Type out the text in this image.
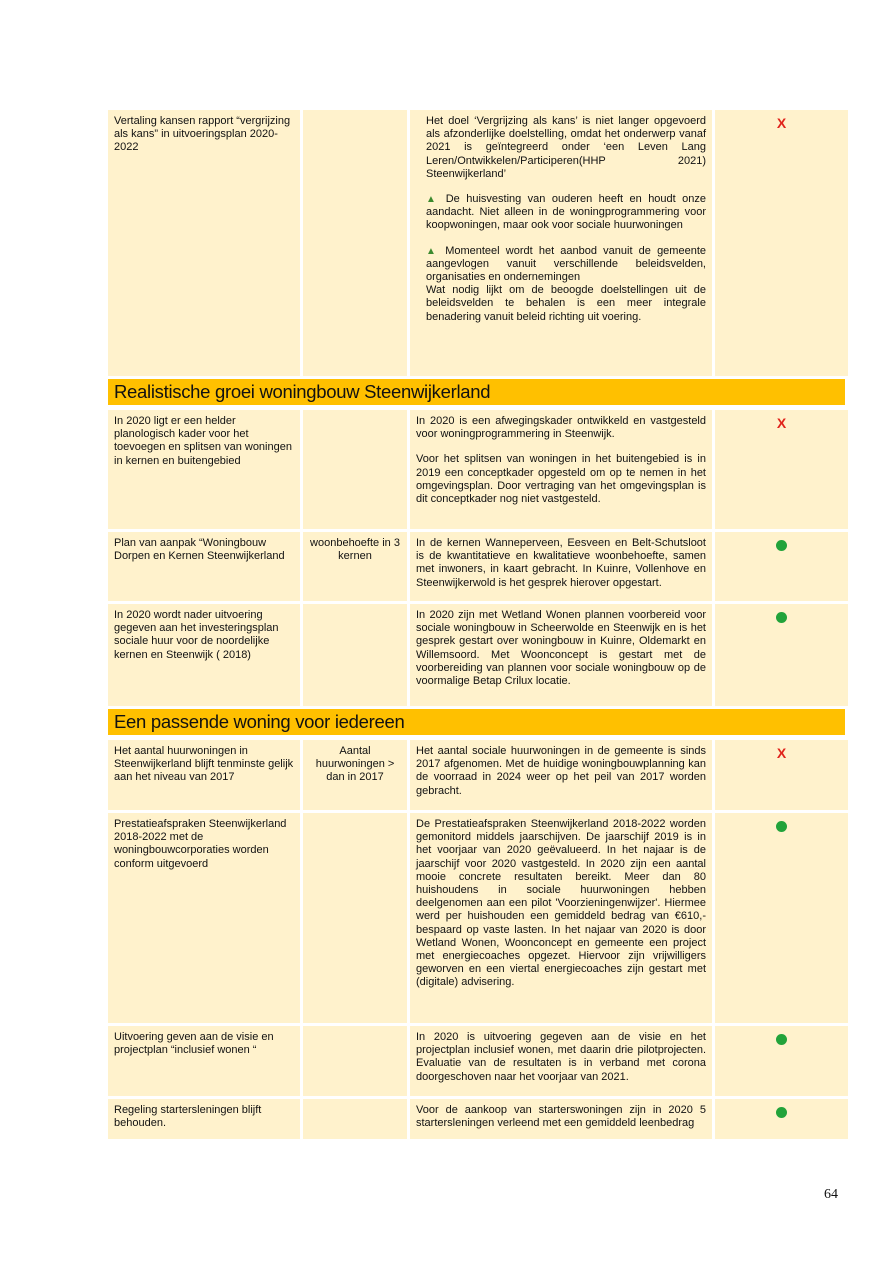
Vertaling kansen rapport “vergrijzing als kans” in uitvoeringsplan 2020-2022

Het doel ‘Vergrijzing als kans’ is niet langer opgevoerd als afzonderlijke doelstelling, omdat het onderwerp vanaf 2021 is geïntegreerd onder ‘een Leven Lang Leren/Ontwikkelen/Participeren(HHP 2021) Steenwijkerland’

▲ De huisvesting van ouderen heeft en houdt onze aandacht. Niet alleen in de woningprogrammering voor koopwoningen, maar ook voor sociale huurwoningen

▲ Momenteel wordt het aanbod vanuit de gemeente aangevlogen vanuit verschillende beleidsvelden, organisaties en ondernemingen

Wat nodig lijkt om de beoogde doelstellingen uit de beleidsvelden te behalen is een meer integrale benadering vanuit beleid richting uit voering.

X
Realistische groei woningbouw Steenwijkerland
In 2020 ligt er een helder planologisch kader voor het toevoegen en splitsen van woningen in kernen en buitengebied

In 2020 is een afwegingskader ontwikkeld en vastgesteld voor woningprogrammering in Steenwijk.

Voor het splitsen van woningen in het buitengebied is in 2019 een conceptkader opgesteld om op te nemen in het omgevingsplan. Door vertraging van het omgevingsplan is dit conceptkader nog niet vastgesteld.

X
Plan van aanpak “Woningbouw Dorpen en Kernen Steenwijkerland
woonbehoefte in 3 kernen
In de kernen Wanneperveen, Eesveen en Belt-Schutsloot is de kwantitatieve en kwalitatieve woonbehoefte, samen met inwoners, in kaart gebracht. In Kuinre, Vollenhove en Steenwijkerwold is het gesprek hierover opgestart.
In 2020 wordt nader uitvoering gegeven aan het investeringsplan sociale huur voor de noordelijke kernen en Steenwijk ( 2018)
In 2020 zijn met Wetland Wonen plannen voorbereid voor sociale woningbouw in Scheerwolde en Steenwijk en is het gesprek gestart over woningbouw in Kuinre, Oldemarkt en Willemsoord. Met Woonconcept is gestart met de voorbereiding van plannen voor sociale woningbouw op de voormalige Betap Crilux locatie.
Een passende woning voor iedereen
Het aantal huurwoningen in Steenwijkerland blijft tenminste gelijk aan het niveau van 2017
Aantal huurwoningen > dan in 2017
Het aantal sociale huurwoningen in de gemeente is sinds 2017 afgenomen. Met de huidige woningbouwplanning kan de voorraad in 2024 weer op het peil van 2017 worden gebracht.
X
Prestatieafspraken Steenwijkerland 2018-2022 met de woningbouwcorporaties worden conform uitgevoerd
De Prestatieafspraken Steenwijkerland 2018-2022 worden gemonitord middels jaarschijven. De jaarschijf 2019 is in het voorjaar van 2020 geëvalueerd. In het najaar is de jaarschijf voor 2020 vastgesteld. In 2020 zijn een aantal mooie concrete resultaten bereikt. Meer dan 80 huishoudens in sociale huurwoningen hebben deelgenomen aan een pilot 'Voorzieningenwijzer'. Hiermee werd per huishouden een gemiddeld bedrag van €610,- bespaard op vaste lasten. In het najaar van 2020 is door Wetland Wonen, Woonconcept en gemeente een project met energiecoaches opgezet. Hiervoor zijn vrijwilligers geworven en een viertal energiecoaches zijn gestart met (digitale) advisering.
Uitvoering geven aan de visie en projectplan “inclusief wonen “
In 2020 is uitvoering gegeven aan de visie en het projectplan inclusief wonen, met daarin drie pilotprojecten. Evaluatie van de resultaten is in verband met corona doorgeschoven naar het voorjaar van 2021.
Regeling startersleningen blijft behouden.
Voor de aankoop van starterswoningen zijn in 2020 5 startersleningen verleend met een gemiddeld leenbedrag
64
